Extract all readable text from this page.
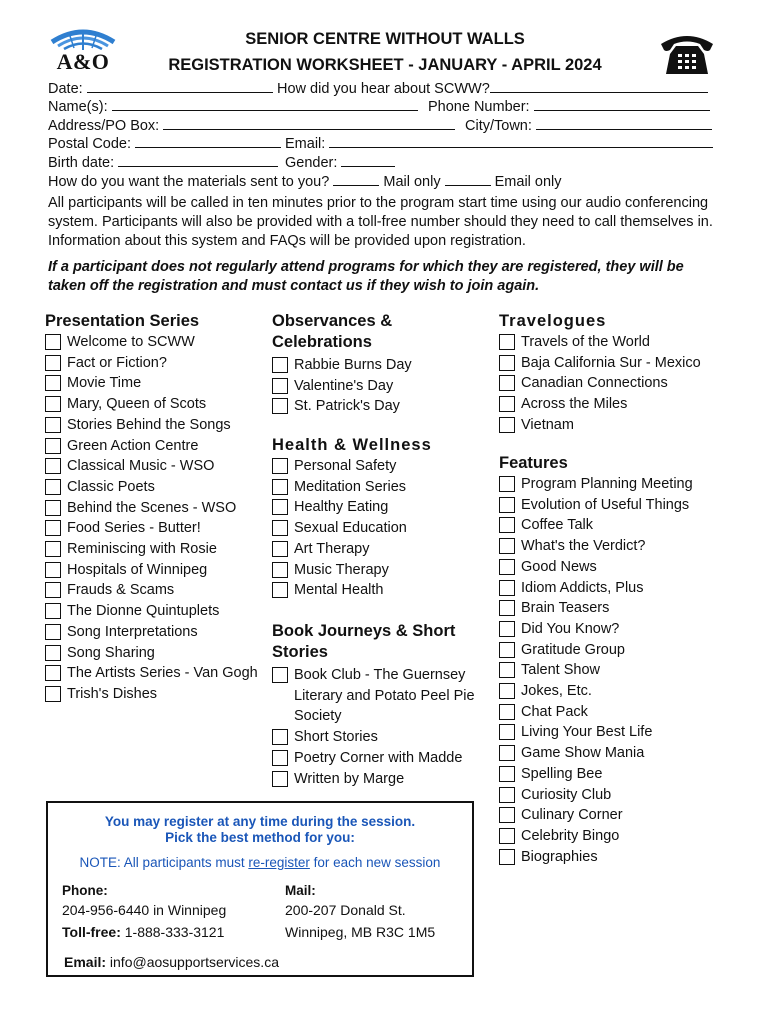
A&O
SENIOR CENTRE WITHOUT WALLS
REGISTRATION WORKSHEET - JANUARY - APRIL 2024
Date:	How did you hear about SCWW?
Name(s):	Phone Number:
Address/PO Box:	City/Town:
Postal Code:	Email:
Birth date:	Gender:
How do you want the materials sent to you?	Mail only	Email only
All participants will be called in ten minutes prior to the program start time using our audio conferencing system. Participants will also be provided with a toll-free number should they need to call themselves in. Information about this system and FAQs will be provided upon registration.
If a participant does not regularly attend programs for which they are registered, they will be taken off the registration and must contact us if they wish to join again.
Presentation Series
Welcome to SCWW
Fact or Fiction?
Movie Time
Mary, Queen of Scots
Stories Behind the Songs
Green Action Centre
Classical Music - WSO
Classic Poets
Behind the Scenes - WSO
Food Series - Butter!
Reminiscing with Rosie
Hospitals of Winnipeg
Frauds & Scams
The Dionne Quintuplets
Song Interpretations
Song Sharing
The Artists Series - Van Gogh
Trish's Dishes
Observances & Celebrations
Rabbie Burns Day
Valentine's Day
St. Patrick's Day
Health & Wellness
Personal Safety
Meditation Series
Healthy Eating
Sexual Education
Art Therapy
Music Therapy
Mental Health
Book Journeys & Short Stories
Book Club - The Guernsey Literary and Potato Peel Pie Society
Short Stories
Poetry Corner with Madde
Written by Marge
Travelogues
Travels of the World
Baja California Sur - Mexico
Canadian Connections
Across the Miles
Vietnam
Features
Program Planning Meeting
Evolution of Useful Things
Coffee Talk
What's the Verdict?
Good News
Idiom Addicts, Plus
Brain Teasers
Did You Know?
Gratitude Group
Talent Show
Jokes, Etc.
Chat Pack
Living Your Best Life
Game Show Mania
Spelling Bee
Curiosity Club
Culinary Corner
Celebrity Bingo
Biographies
You may register at any time during the session.
Pick the best method for you:
NOTE: All participants must re-register for each new session
Phone:
204-956-6440 in Winnipeg
Toll-free: 1-888-333-3121
Mail:
200-207 Donald St.
Winnipeg, MB R3C 1M5
Email: info@aosupportservices.ca
